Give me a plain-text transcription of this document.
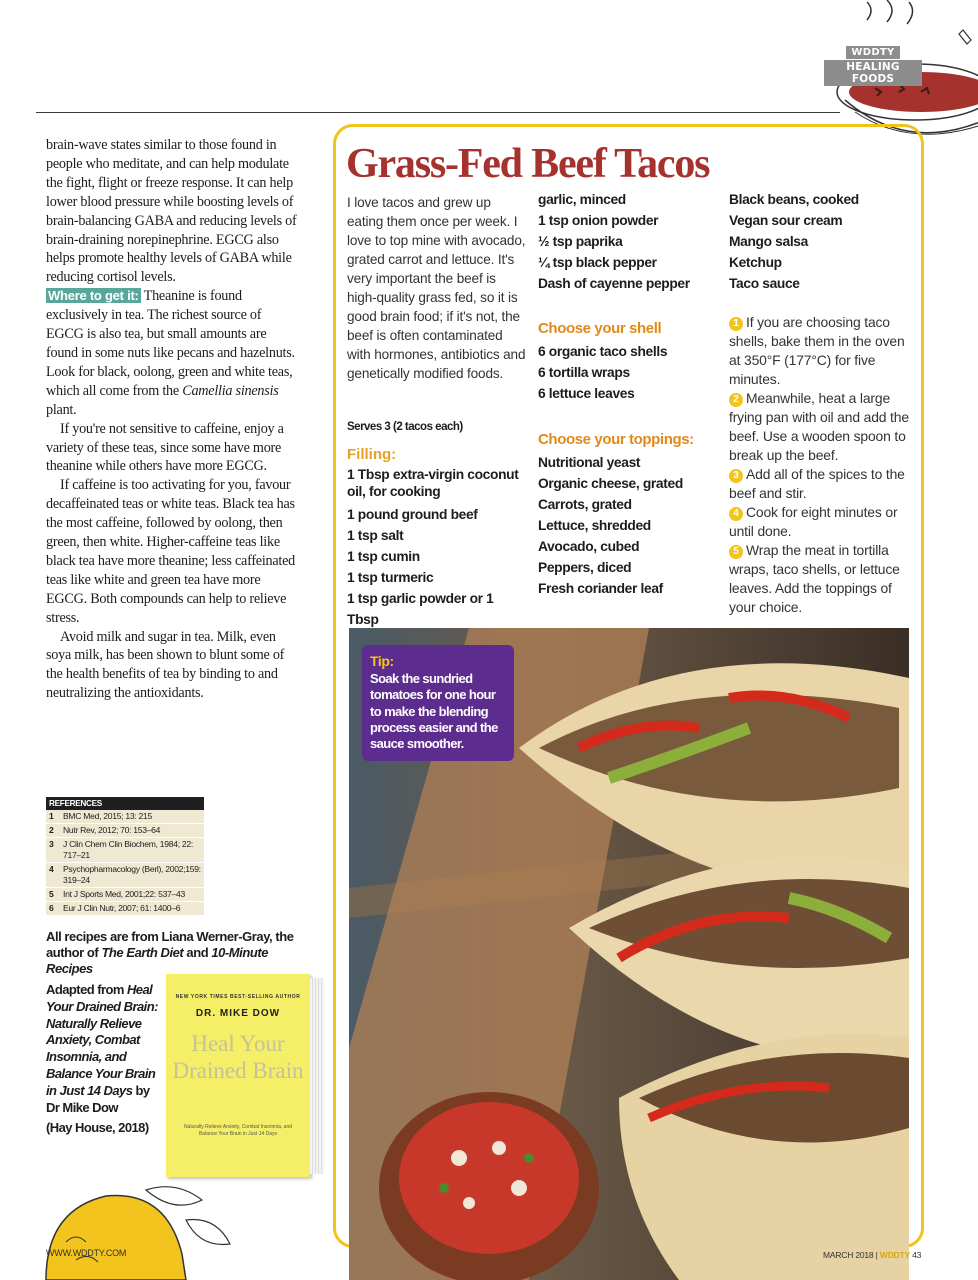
WDDTY
HEALING FOODS

brain-wave states similar to those found in people who meditate, and can help modulate the fight, flight or freeze response. It can help lower blood pressure while boosting levels of brain-balancing GABA and reducing levels of brain-draining norepinephrine. EGCG also helps promote healthy levels of GABA while reducing cortisol levels.

Where to get it: Theanine is found exclusively in tea. The richest source of EGCG is also tea, but small amounts are found in some nuts like pecans and hazelnuts. Look for black, oolong, green and white teas, which all come from the Camellia sinensis plant.

If you're not sensitive to caffeine, enjoy a variety of these teas, since some have more theanine while others have more EGCG.

If caffeine is too activating for you, favour decaffeinated teas or white teas. Black tea has the most caffeine, followed by oolong, then green, then white. Higher-caffeine teas like black tea have more theanine; less caffeinated teas like white and green tea have more EGCG. Both compounds can help to relieve stress.

Avoid milk and sugar in tea. Milk, even soya milk, has been shown to blunt some of the health benefits of tea by binding to and neutralizing the antioxidants.

REFERENCES
1	BMC Med, 2015; 13: 215
2	Nutr Rev, 2012; 70: 153–64
3	J Clin Chem Clin Biochem, 1984; 22: 717–21
4	Psychopharmacology (Berl), 2002;159: 319–24
5	Int J Sports Med, 2001;22: 537–43
6	Eur J Clin Nutr, 2007; 61: 1400–6
All recipes are from Liana Werner-Gray, the author of The Earth Diet and 10-Minute Recipes
Adapted from Heal Your Drained Brain: Naturally Relieve Anxiety, Combat Insomnia, and Balance Your Brain in Just 14 Days by Dr Mike Dow
(Hay House, 2018)
NEW YORK TIMES BEST-SELLING AUTHOR
DR. MIKE DOW
Heal Your Drained Brain
Naturally Relieve Anxiety, Combat Insomnia, and Balance Your Brain in Just 14 Days
Grass-Fed Beef Tacos
I love tacos and grew up eating them once per week. I love to top mine with avocado, grated carrot and lettuce. It's very important the beef is high-quality grass fed, so it is good brain food; if it's not, the beef is often contaminated with hormones, antibiotics and genetically modified foods.
Serves 3 (2 tacos each)
Filling:
1 Tbsp extra-virgin coconut oil, for cooking
1 pound ground beef
1 tsp salt
1 tsp cumin
1 tsp turmeric
1 tsp garlic powder or 1 Tbsp
garlic, minced
1 tsp onion powder
½ tsp paprika
¼ tsp black pepper
Dash of cayenne pepper
Choose your shell
6 organic taco shells
6 tortilla wraps
6 lettuce leaves
Choose your toppings:
Nutritional yeast
Organic cheese, grated
Carrots, grated
Lettuce, shredded
Avocado, cubed
Peppers, diced
Fresh coriander leaf
Black beans, cooked
Vegan sour cream
Mango salsa
Ketchup
Taco sauce
1 If you are choosing taco shells, bake them in the oven at 350°F (177°C) for five minutes.
2 Meanwhile, heat a large frying pan with oil and add the beef. Use a wooden spoon to break up the beef.
3 Add all of the spices to the beef and stir.
4 Cook for eight minutes or until done.
5 Wrap the meat in tortilla wraps, taco shells, or lettuce leaves. Add the toppings of your choice.
Tip:
Soak the sundried tomatoes for one hour to make the blending process easier and the sauce smoother.
WWW.WDDTY.COM	MARCH 2018 | WDDTY 43
